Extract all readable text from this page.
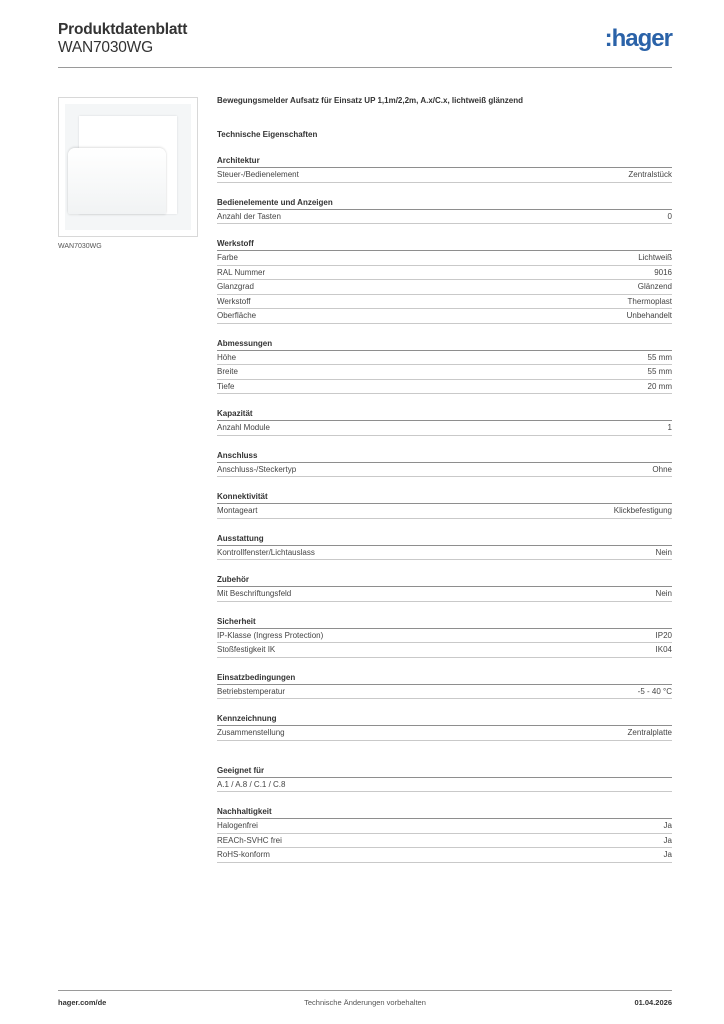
Produktdatenblatt
WAN7030WG	:hager
WAN7030WG
Bewegungsmelder Aufsatz für Einsatz UP 1,1m/2,2m, A.x/C.x, lichtweiß glänzend
Technische Eigenschaften
Architektur
Steuer-/Bedienelement	Zentralstück
Bedienelemente und Anzeigen
Anzahl der Tasten	0
Werkstoff
Farbe	Lichtweiß
RAL Nummer	9016
Glanzgrad	Glänzend
Werkstoff	Thermoplast
Oberfläche	Unbehandelt
Abmessungen
Höhe	55 mm
Breite	55 mm
Tiefe	20 mm
Kapazität
Anzahl Module	1
Anschluss
Anschluss-/Steckertyp	Ohne
Konnektivität
Montageart	Klickbefestigung
Ausstattung
Kontrollfenster/Lichtauslass	Nein
Zubehör
Mit Beschriftungsfeld	Nein
Sicherheit
IP-Klasse (Ingress Protection)	IP20
Stoßfestigkeit IK	IK04
Einsatzbedingungen
Betriebstemperatur	-5 - 40 °C
Kennzeichnung
Zusammenstellung	Zentralplatte
Geeignet für
A.1 / A.8 / C.1 / C.8
Nachhaltigkeit
Halogenfrei	Ja
REACh-SVHC frei	Ja
RoHS-konform	Ja
hager.com/de	Technische Änderungen vorbehalten	01.04.2026
